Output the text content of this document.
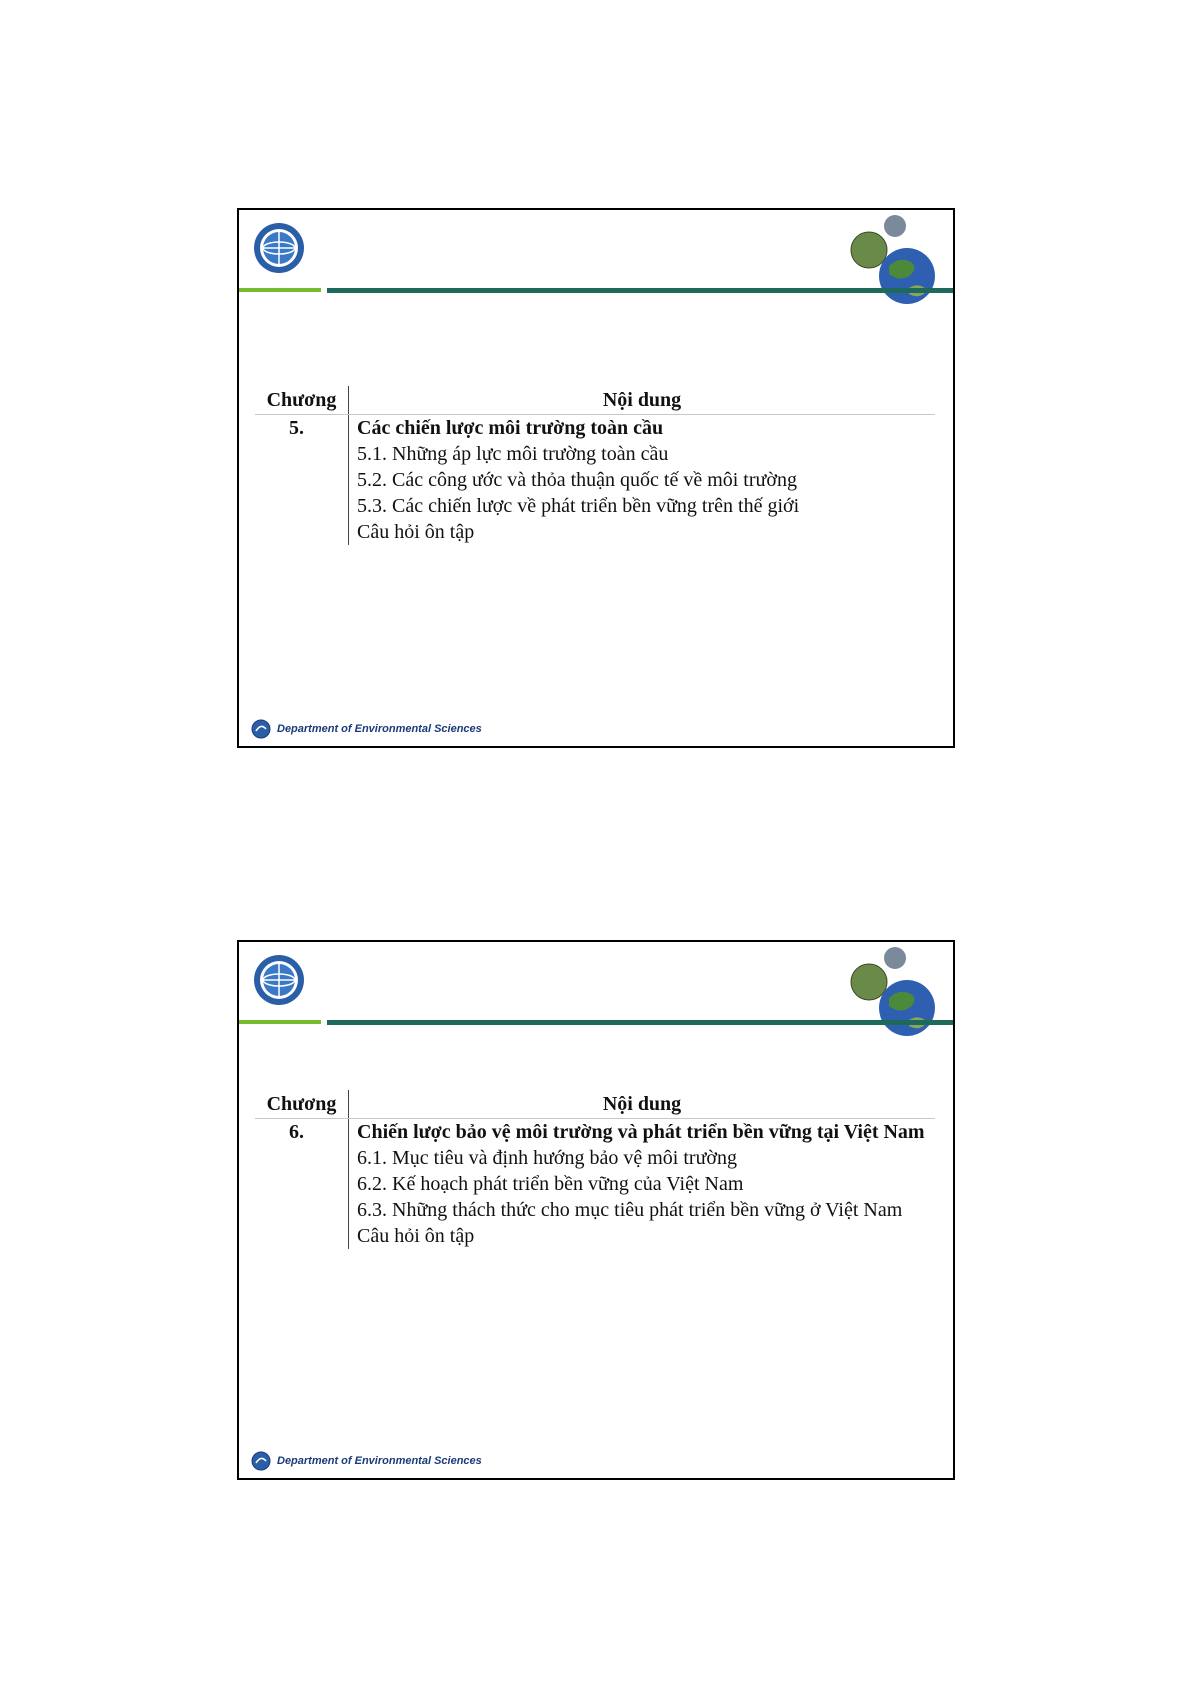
Chương	Nội dung
5.	Các chiến lược môi trường toàn cầu
5.1. Những áp lực môi trường toàn cầu
5.2. Các công ước và thỏa thuận quốc tế về môi trường
5.3. Các chiến lược về phát triển bền vững trên thế giới
Câu hỏi ôn tập
Department of Environmental Sciences
Chương	Nội dung
6.	Chiến lược bảo vệ môi trường và phát triển bền vững tại Việt Nam
6.1. Mục tiêu và định hướng bảo vệ môi trường
6.2. Kế hoạch phát triển bền vững của Việt Nam
6.3. Những thách thức cho mục tiêu phát triển bền vững ở Việt Nam
Câu hỏi ôn tập
Department of Environmental Sciences
